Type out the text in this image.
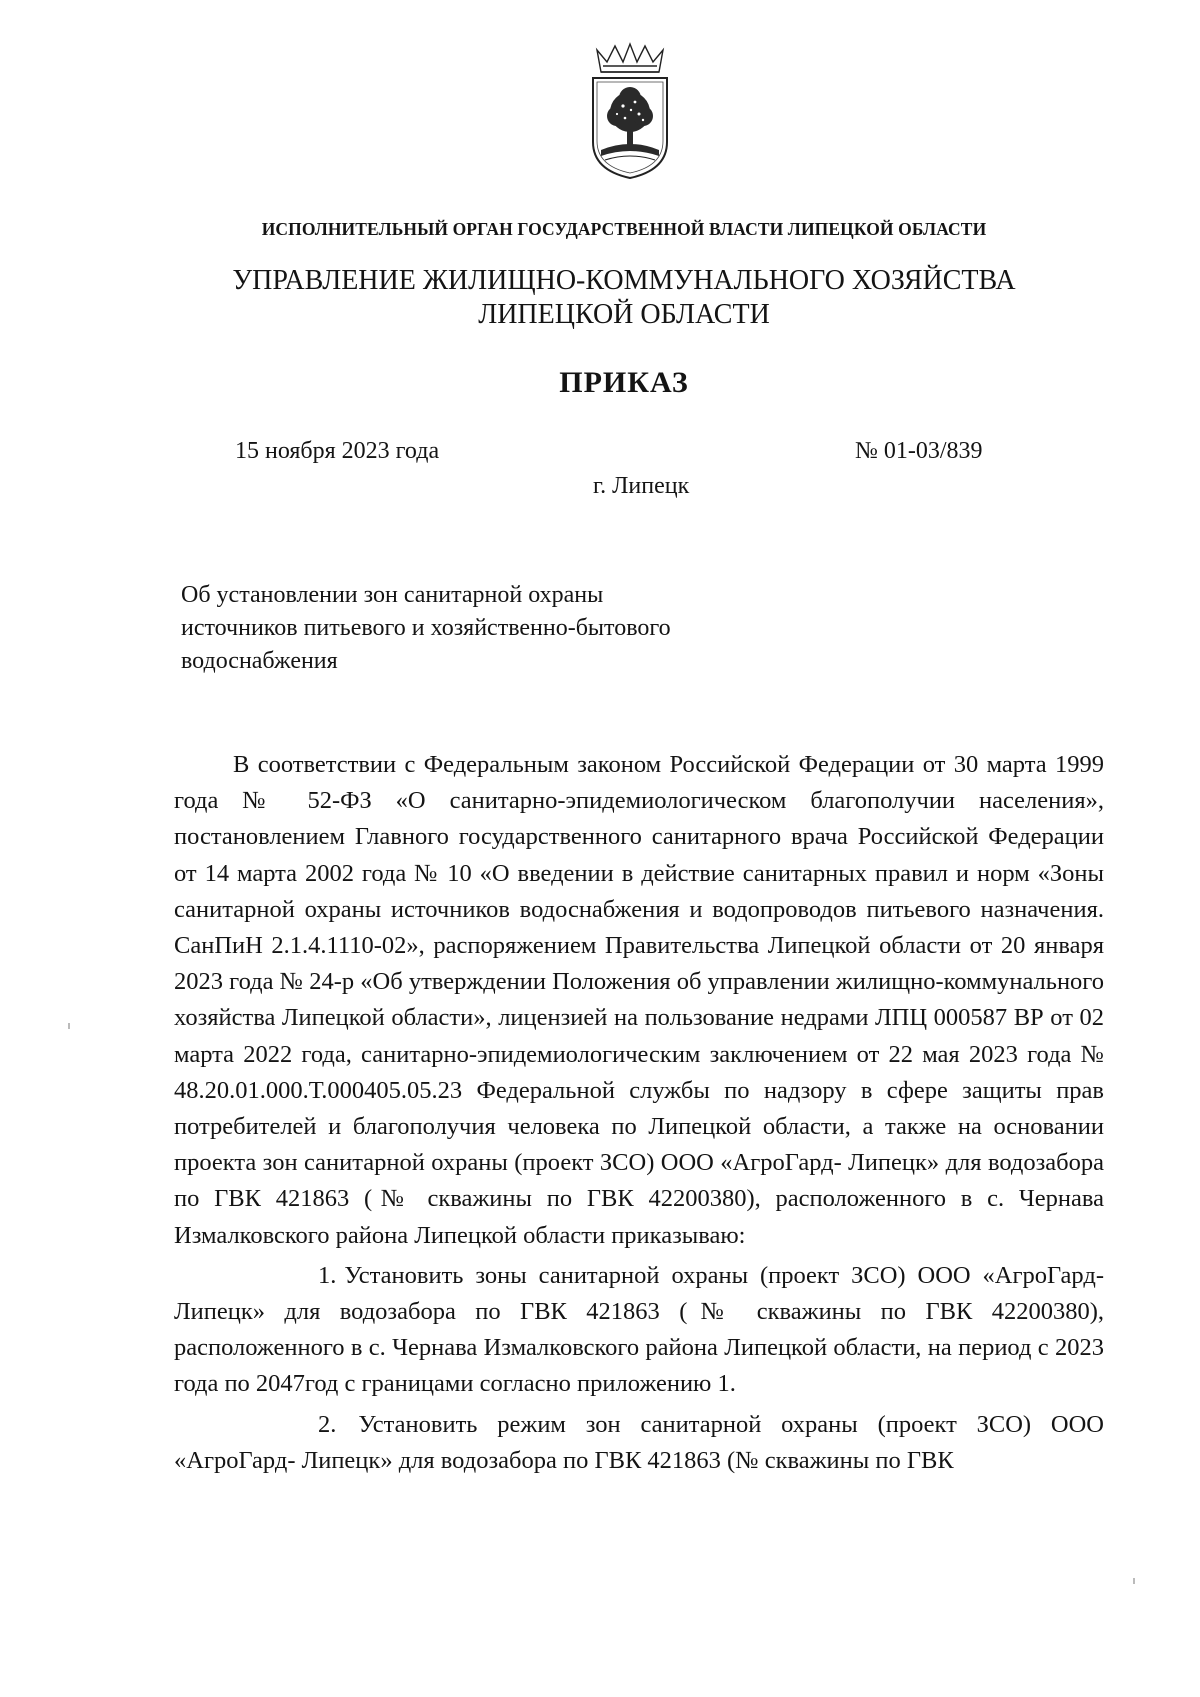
ИСПОЛНИТЕЛЬНЫЙ ОРГАН ГОСУДАРСТВЕННОЙ ВЛАСТИ ЛИПЕЦКОЙ ОБЛАСТИ
УПРАВЛЕНИЕ ЖИЛИЩНО-КОММУНАЛЬНОГО ХОЗЯЙСТВА
ЛИПЕЦКОЙ ОБЛАСТИ
ПРИКАЗ
15 ноября 2023 года	№ 01-03/839
г. Липецк
Об установлении зон санитарной охраны
источников питьевого и хозяйственно-бытового
водоснабжения

В соответствии с Федеральным законом Российской Федерации от 30 марта 1999 года № 52-ФЗ «О санитарно-эпидемиологическом благополучии населения», постановлением Главного государственного санитарного врача Российской Федерации от 14 марта 2002 года № 10 «О введении в действие санитарных правил и норм «Зоны санитарной охраны источников водоснабжения и водопроводов питьевого назначения. СанПиН 2.1.4.1110-02», распоряжением Правительства Липецкой области от 20 января 2023 года № 24-р «Об утверждении Положения об управлении жилищно-коммунального хозяйства Липецкой области», лицензией на пользование недрами ЛПЦ 000587 ВР от 02 марта 2022 года, санитарно-эпидемиологическим заключением от 22 мая 2023 года № 48.20.01.000.Т.000405.05.23 Федеральной службы по надзору в сфере защиты прав потребителей и благополучия человека по Липецкой области, а также на основании проекта зон санитарной охраны (проект ЗСО) ООО «АгроГард- Липецк» для водозабора по ГВК 421863 (№ скважины по ГВК 42200380), расположенного в с. Чернава Измалковского района Липецкой области приказываю:

1. Установить зоны санитарной охраны (проект ЗСО) ООО «АгроГард-Липецк» для водозабора по ГВК 421863 (№ скважины по ГВК 42200380), расположенного в с. Чернава Измалковского района Липецкой области, на период с 2023 года по 2047год с границами согласно приложению 1.

2. Установить режим зон санитарной охраны (проект ЗСО) ООО «АгроГард- Липецк» для водозабора по ГВК 421863 (№ скважины по ГВК
